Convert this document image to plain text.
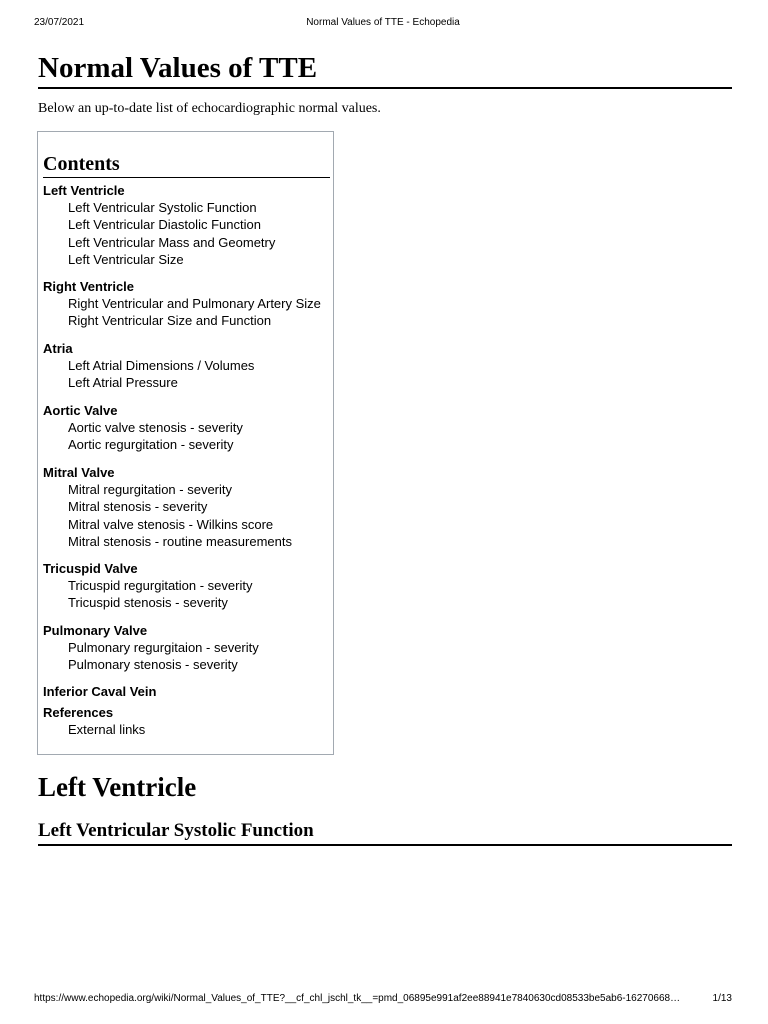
23/07/2021	Normal Values of TTE - Echopedia
Normal Values of TTE

Below an up-to-date list of echocardiographic normal values.

Contents

Left Ventricle

Left Ventricular Systolic Function

Left Ventricular Diastolic Function

Left Ventricular Mass and Geometry

Left Ventricular Size

Right Ventricle

Right Ventricular and Pulmonary Artery Size

Right Ventricular Size and Function

Atria

Left Atrial Dimensions / Volumes

Left Atrial Pressure

Aortic Valve

Aortic valve stenosis - severity

Aortic regurgitation - severity

Mitral Valve

Mitral regurgitation - severity

Mitral stenosis - severity

Mitral valve stenosis - Wilkins score

Mitral stenosis - routine measurements

Tricuspid Valve

Tricuspid regurgitation - severity

Tricuspid stenosis - severity

Pulmonary Valve

Pulmonary regurgitaion - severity

Pulmonary stenosis - severity

Inferior Caval Vein

References

External links

Left Ventricle
Left Ventricular Systolic Function
https://www.echopedia.org/wiki/Normal_Values_of_TTE?__cf_chl_jschl_tk__=pmd_06895e991af2ee88941e7840630cd08533be5ab6-16270668…	1/13
